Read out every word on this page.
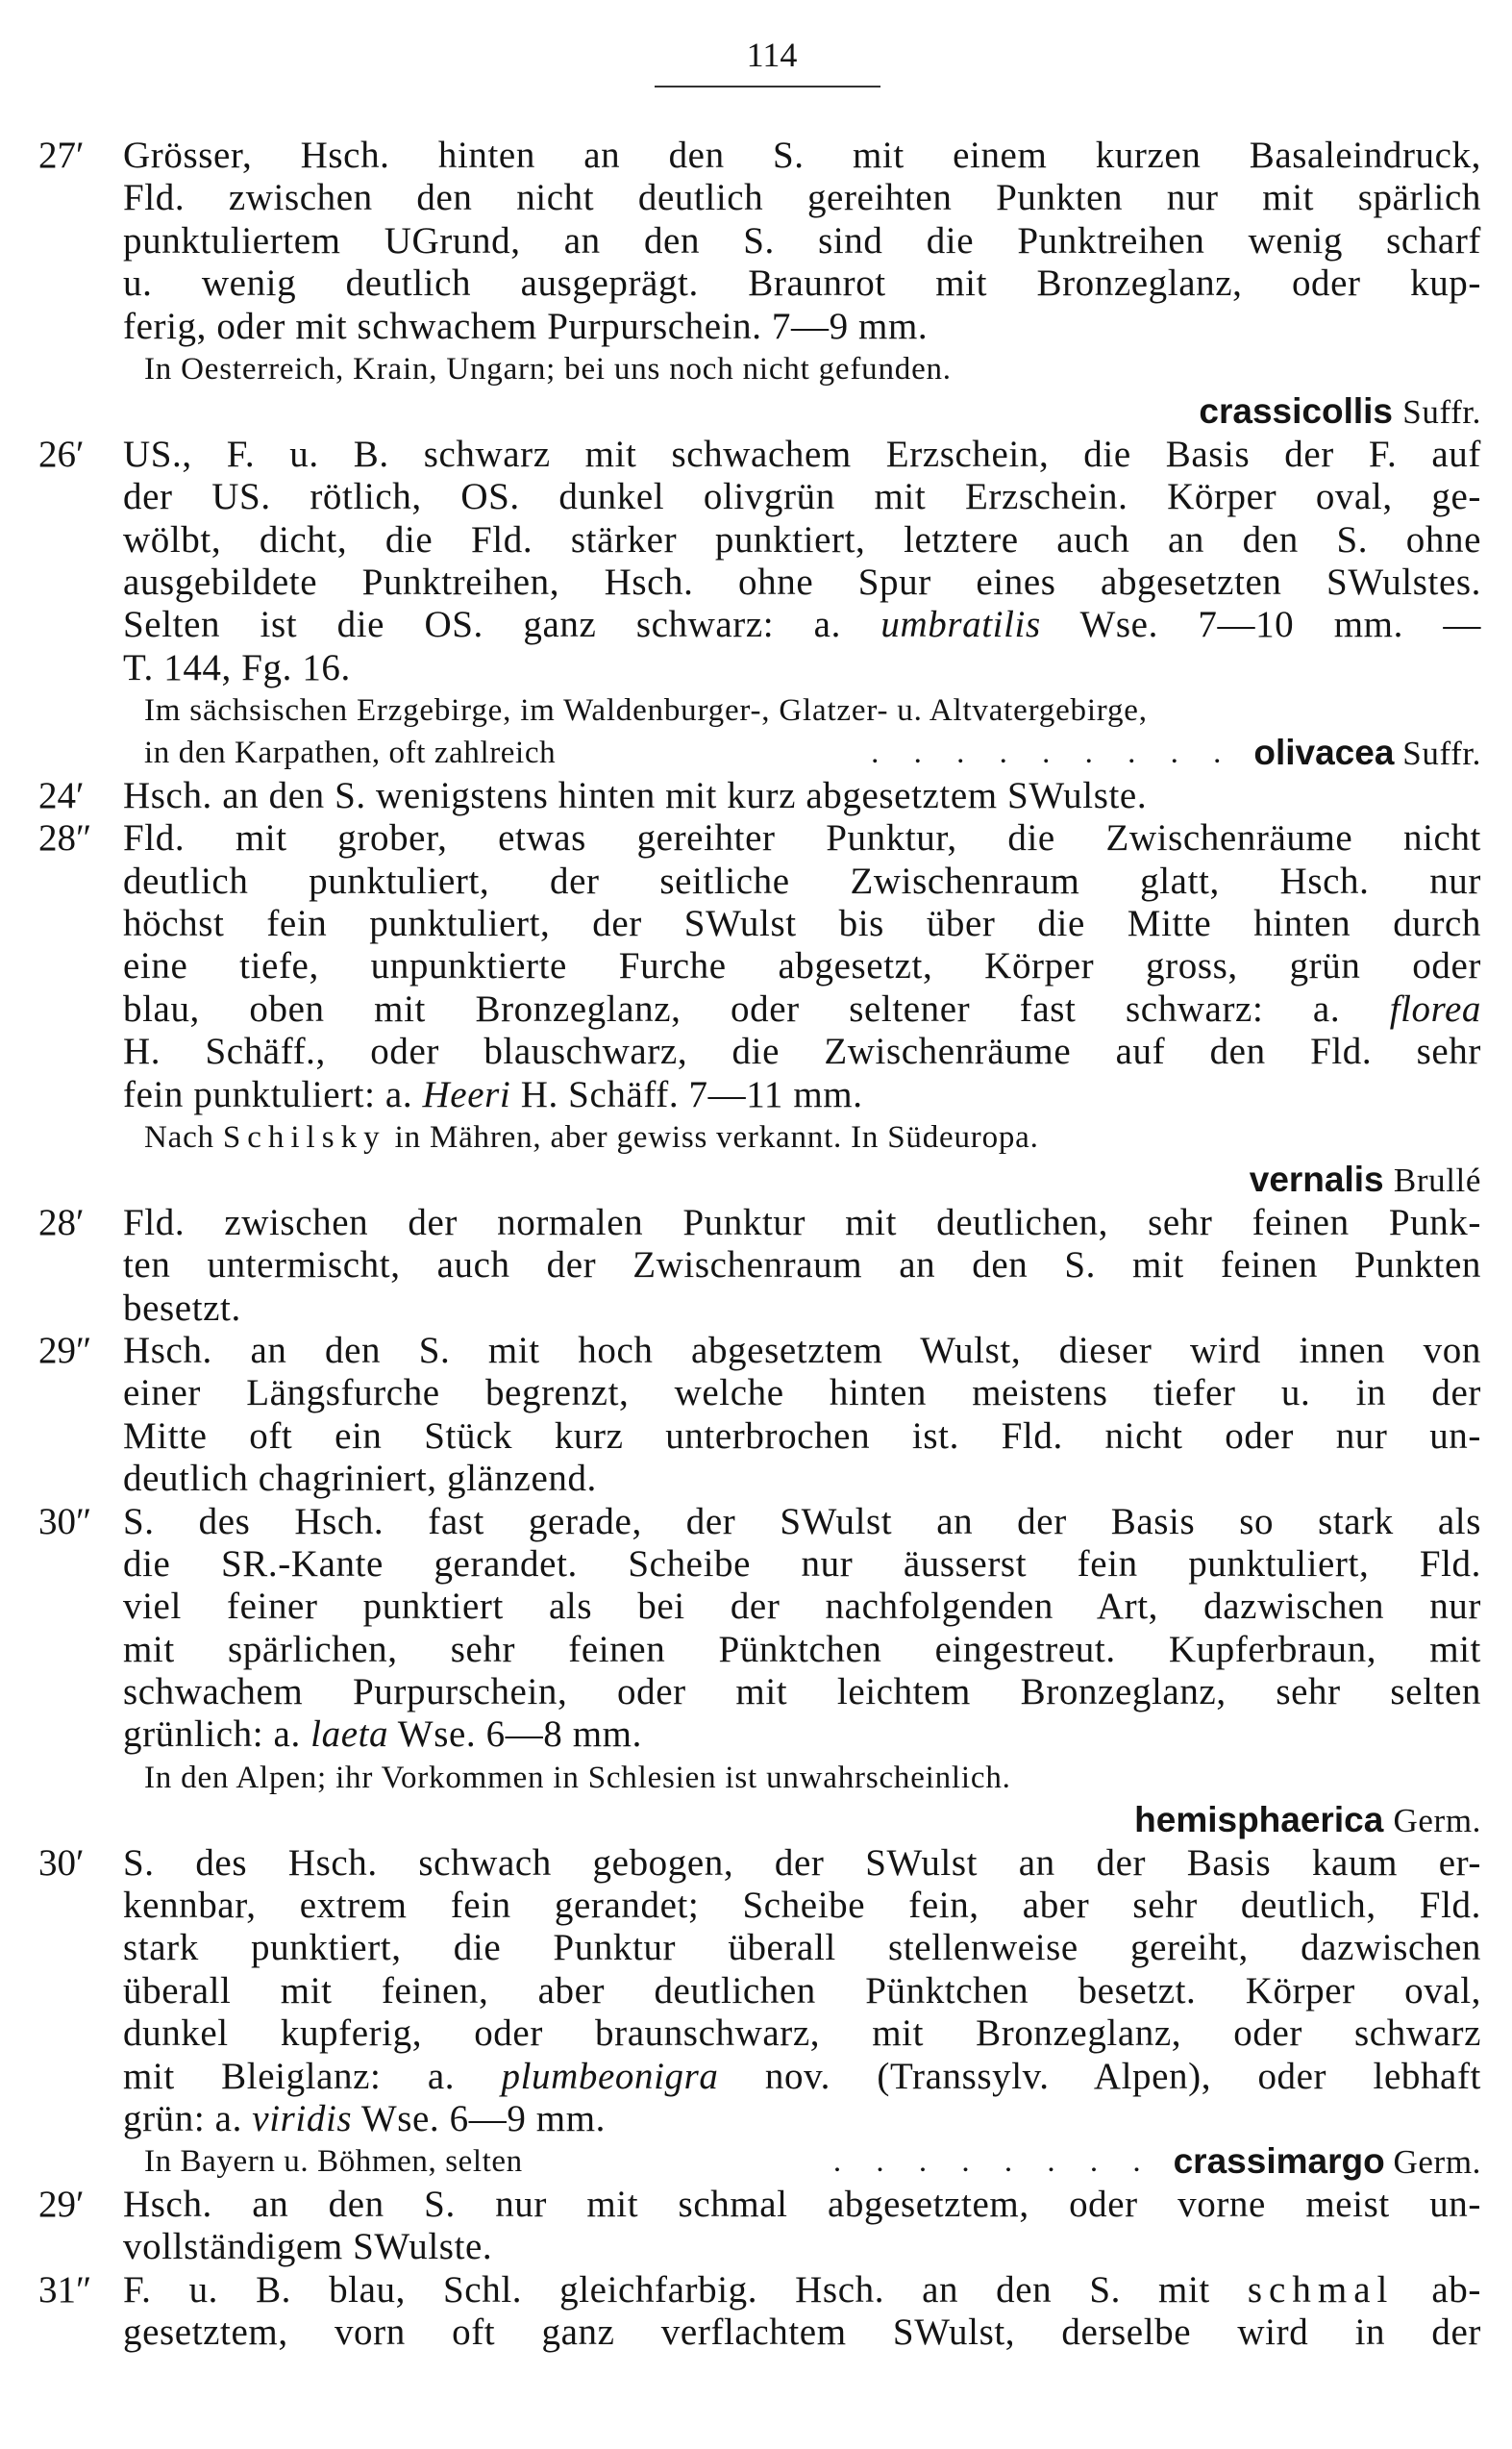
114
27′ Grösser, Hsch. hinten an den S. mit einem kurzen Basaleindruck,
Fld. zwischen den nicht deutlich gereihten Punkten nur mit spärlich
punktuliertem UGrund, an den S. sind die Punktreihen wenig scharf
u. wenig deutlich ausgeprägt. Braunrot mit Bronzeglanz, oder kup-
ferig, oder mit schwachem Purpurschein. 7—9 mm.
In Oesterreich, Krain, Ungarn; bei uns noch nicht gefunden.
crassicollis Suffr.
26′ US., F. u. B. schwarz mit schwachem Erzschein, die Basis der F. auf
der US. rötlich, OS. dunkel olivgrün mit Erzschein. Körper oval, ge-
wölbt, dicht, die Fld. stärker punktiert, letztere auch an den S. ohne
ausgebildete Punktreihen, Hsch. ohne Spur eines abgesetzten SWulstes.
Selten ist die OS. ganz schwarz: a. umbratilis Wse. 7—10 mm. —
T. 144, Fg. 16.
Im sächsischen Erzgebirge, im Waldenburger-, Glatzer- u. Altvatergebirge,
in den Karpathen, oft zahlreich	. . . . . . . . . olivacea Suffr.
24′ Hsch. an den S. wenigstens hinten mit kurz abgesetztem SWulste.
28″ Fld. mit grober, etwas gereihter Punktur, die Zwischenräume nicht
deutlich punktuliert, der seitliche Zwischenraum glatt, Hsch. nur
höchst fein punktuliert, der SWulst bis über die Mitte hinten durch
eine tiefe, unpunktierte Furche abgesetzt, Körper gross, grün oder
blau, oben mit Bronzeglanz, oder seltener fast schwarz: a. florea
H. Schäff., oder blauschwarz, die Zwischenräume auf den Fld. sehr
fein punktuliert: a. Heeri H. Schäff. 7—11 mm.
Nach Schilsky in Mähren, aber gewiss verkannt. In Südeuropa.
vernalis Brullé
28′ Fld. zwischen der normalen Punktur mit deutlichen, sehr feinen Punk-
ten untermischt, auch der Zwischenraum an den S. mit feinen Punkten
besetzt.
29″ Hsch. an den S. mit hoch abgesetztem Wulst, dieser wird innen von
einer Längsfurche begrenzt, welche hinten meistens tiefer u. in der
Mitte oft ein Stück kurz unterbrochen ist. Fld. nicht oder nur un-
deutlich chagriniert, glänzend.
30″ S. des Hsch. fast gerade, der SWulst an der Basis so stark als
die SR.-Kante gerandet. Scheibe nur äusserst fein punktuliert, Fld.
viel feiner punktiert als bei der nachfolgenden Art, dazwischen nur
mit spärlichen, sehr feinen Pünktchen eingestreut. Kupferbraun, mit
schwachem Purpurschein, oder mit leichtem Bronzeglanz, sehr selten
grünlich: a. laeta Wse. 6—8 mm.
In den Alpen; ihr Vorkommen in Schlesien ist unwahrscheinlich.
hemisphaerica Germ.
30′ S. des Hsch. schwach gebogen, der SWulst an der Basis kaum er-
kennbar, extrem fein gerandet; Scheibe fein, aber sehr deutlich, Fld.
stark punktiert, die Punktur überall stellenweise gereiht, dazwischen
überall mit feinen, aber deutlichen Pünktchen besetzt. Körper oval,
dunkel kupferig, oder braunschwarz, mit Bronzeglanz, oder schwarz
mit Bleiglanz: a. plumbeonigra nov. (Transsylv. Alpen), oder lebhaft
grün: a. viridis Wse. 6—9 mm.
In Bayern u. Böhmen, selten	. . . . . . . . crassimargo Germ.
29′ Hsch. an den S. nur mit schmal abgesetztem, oder vorne meist un-
vollständigem SWulste.
31″ F. u. B. blau, Schl. gleichfarbig. Hsch. an den S. mit schmal ab-
gesetztem, vorn oft ganz verflachtem SWulst, derselbe wird in der
